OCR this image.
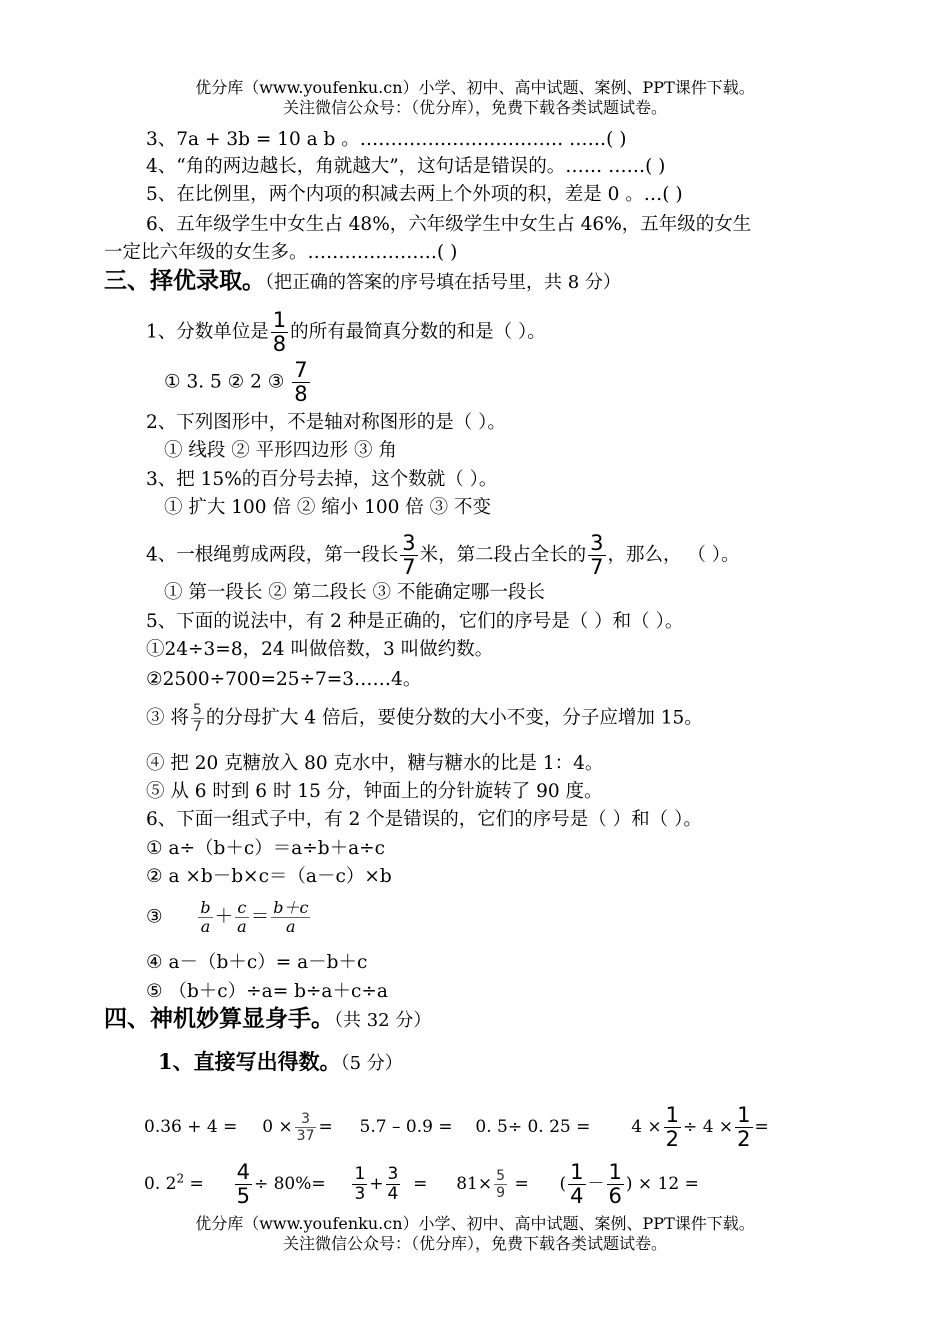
优分库（www.youfenku.cn）小学、初中、高中试题、案例、PPT课件下载。
关注微信公众号：（优分库），免费下载各类试题试卷。
3、7a + 3b = 10 a b 。…………………………… ……( )
4、“角的两边越长，角就越大”，这句话是错误的。…… ……( )
5、在比例里，两个内项的积减去两上个外项的积，差是 0 。…( )
6、五年级学生中女生占 48%，六年级学生中女生占 46%，五年级的女生
一定比六年级的女生多。…………………( )
三、择优录取。（把正确的答案的序号填在括号里，共 8 分）
1、分数单位是 $\frac{1}{8}$ 的所有最简真分数的和是（ ）。
① 3. 5 ② 2 ③ $\frac{7}{8}$
2、下列图形中，不是轴对称图形的是（ ）。
① 线段 ② 平形四边形 ③ 角
3、把 15%的百分号去掉，这个数就（ ）。
① 扩大 100 倍 ② 缩小 100 倍 ③ 不变
4、一根绳剪成两段，第一段长 $\frac{3}{7}$ 米，第二段占全长的 $\frac{3}{7}$ ，那么， （ ）。
① 第一段长 ② 第二段长 ③ 不能确定哪一段长
5、下面的说法中，有 2 种是正确的，它们的序号是（ ）和（ ）。
①24÷3=8，24 叫做倍数，3 叫做约数。
②2500÷700=25÷7=3……4。
③ 将 $\frac{5}{7}$ 的分母扩大 4 倍后，要使分数的大小不变，分子应增加 15。
④ 把 20 克糖放入 80 克水中，糖与糖水的比是 1：4。
⑤ 从 6 时到 6 时 15 分，钟面上的分针旋转了 90 度。
6、下面一组式子中，有 2 个是错误的，它们的序号是（ ）和（ ）。
① a÷（b＋c）＝a÷b＋a÷c
② a ×b－b×c＝（a－c）×b
③ $\frac{b}{a} + \frac{c}{a} = \frac{b+c}{a}$
④ a－（b＋c）= a－b＋c
⑤ （b＋c）÷a= b÷a＋c÷a
四、神机妙算显身手。（共 32 分）
1、直接写出得数。（5 分）
$0.36 + 4 = 0 \times \frac{3}{37} = 5.7 - 0.9 = 0$. 5÷ 0. $25 = 4 \times \frac{1}{2} \div 4 \times \frac{1}{2}$ =
0. $2^2 = \frac{4}{5} \div 80\%= \frac{1}{3} + \frac{3}{4} = 81\times \frac{5}{9}$ = ( $\frac{1}{4} - \frac{1}{6}$ ) × 12 =
优分库（www.youfenku.cn）小学、初中、高中试题、案例、PPT课件下载。
关注微信公众号：（优分库），免费下载各类试题试卷。
